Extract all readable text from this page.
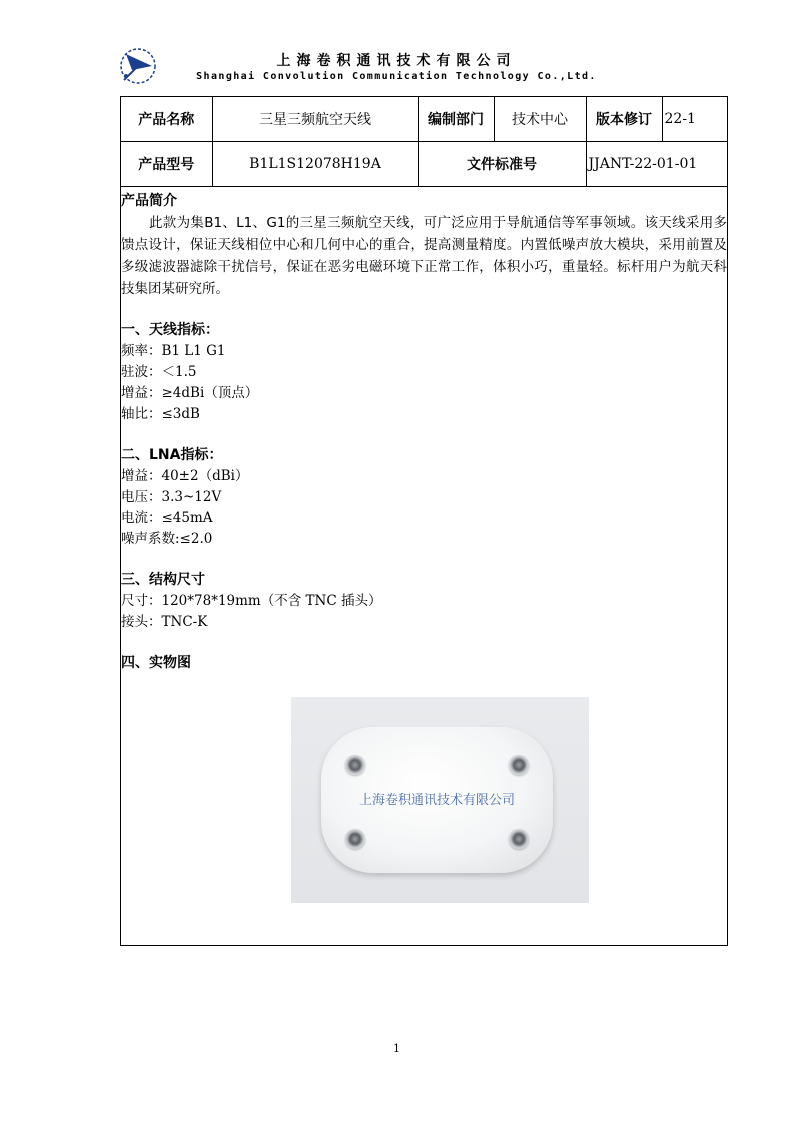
上海卷积通讯技术有限公司
Shanghai Convolution Communication Technology Co.,Ltd.
产品名称	三星三频航空天线	编制部门	技术中心	版本修订	22-1
产品型号	B1L1S12078H19A	文件标准号		JJANT-22-01-01	
产品简介

此款为集B1、L1、G1的三星三频航空天线，可广泛应用于导航通信等军事领域。该天线采用多馈点设计，保证天线相位中心和几何中心的重合，提高测量精度。内置低噪声放大模块，采用前置及多级滤波器滤除干扰信号，保证在恶劣电磁环境下正常工作，体积小巧，重量轻。标杆用户为航天科技集团某研究所。

一、天线指标：
频率：B1 L1 G1
驻波：＜1.5
增益：≥4dBi（顶点）
轴比：≤3dB
二、LNA指标：
增益：40±2（dBi）
电压：3.3~12V
电流：≤45mA
噪声系数:≤2.0
三、结构尺寸
尺寸：120*78*19mm（不含 TNC 插头）
接头：TNC-K
四、实物图
上海卷积通讯技术有限公司
1
